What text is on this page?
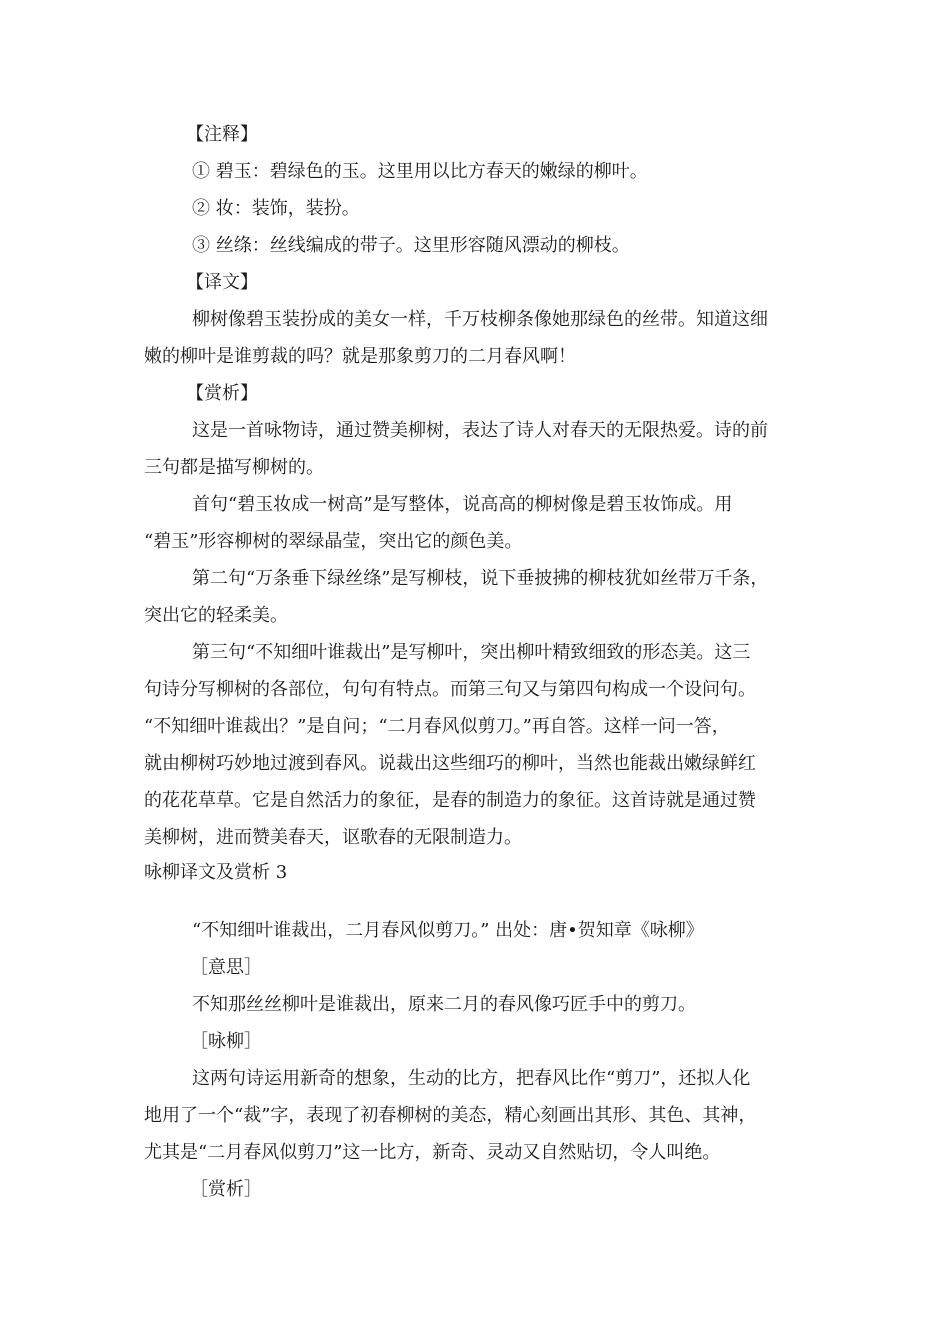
【注释】
① 碧玉：碧绿色的玉。这里用以比方春天的嫩绿的柳叶。
② 妆：装饰，装扮。
③ 丝绦：丝线编成的带子。这里形容随风漂动的柳枝。
【译文】
柳树像碧玉装扮成的美女一样，千万枝柳条像她那绿色的丝带。知道这细
嫩的柳叶是谁剪裁的吗？就是那象剪刀的二月春风啊！
【赏析】
这是一首咏物诗，通过赞美柳树，表达了诗人对春天的无限热爱。诗的前
三句都是描写柳树的。
首句“碧玉妆成一树高”是写整体，说高高的柳树像是碧玉妆饰成。用
“碧玉”形容柳树的翠绿晶莹，突出它的颜色美。
第二句“万条垂下绿丝绦”是写柳枝，说下垂披拂的柳枝犹如丝带万千条，
突出它的轻柔美。
第三句“不知细叶谁裁出”是写柳叶，突出柳叶精致细致的形态美。这三
句诗分写柳树的各部位，句句有特点。而第三句又与第四句构成一个设问句。
“不知细叶谁裁出？”是自问；“二月春风似剪刀。”再自答。这样一问一答，
就由柳树巧妙地过渡到春风。说裁出这些细巧的柳叶，当然也能裁出嫩绿鲜红
的花花草草。它是自然活力的象征，是春的制造力的象征。这首诗就是通过赞
美柳树，进而赞美春天，讴歌春的无限制造力。
咏柳译文及赏析 3
“不知细叶谁裁出，二月春风似剪刀。” 出处：唐•贺知章《咏柳》
［意思］
不知那丝丝柳叶是谁裁出，原来二月的春风像巧匠手中的剪刀。
［咏柳］
这两句诗运用新奇的想象，生动的比方，把春风比作“剪刀”，还拟人化
地用了一个“裁”字，表现了初春柳树的美态，精心刻画出其形、其色、其神，
尤其是“二月春风似剪刀”这一比方，新奇、灵动又自然贴切，令人叫绝。
［赏析］
